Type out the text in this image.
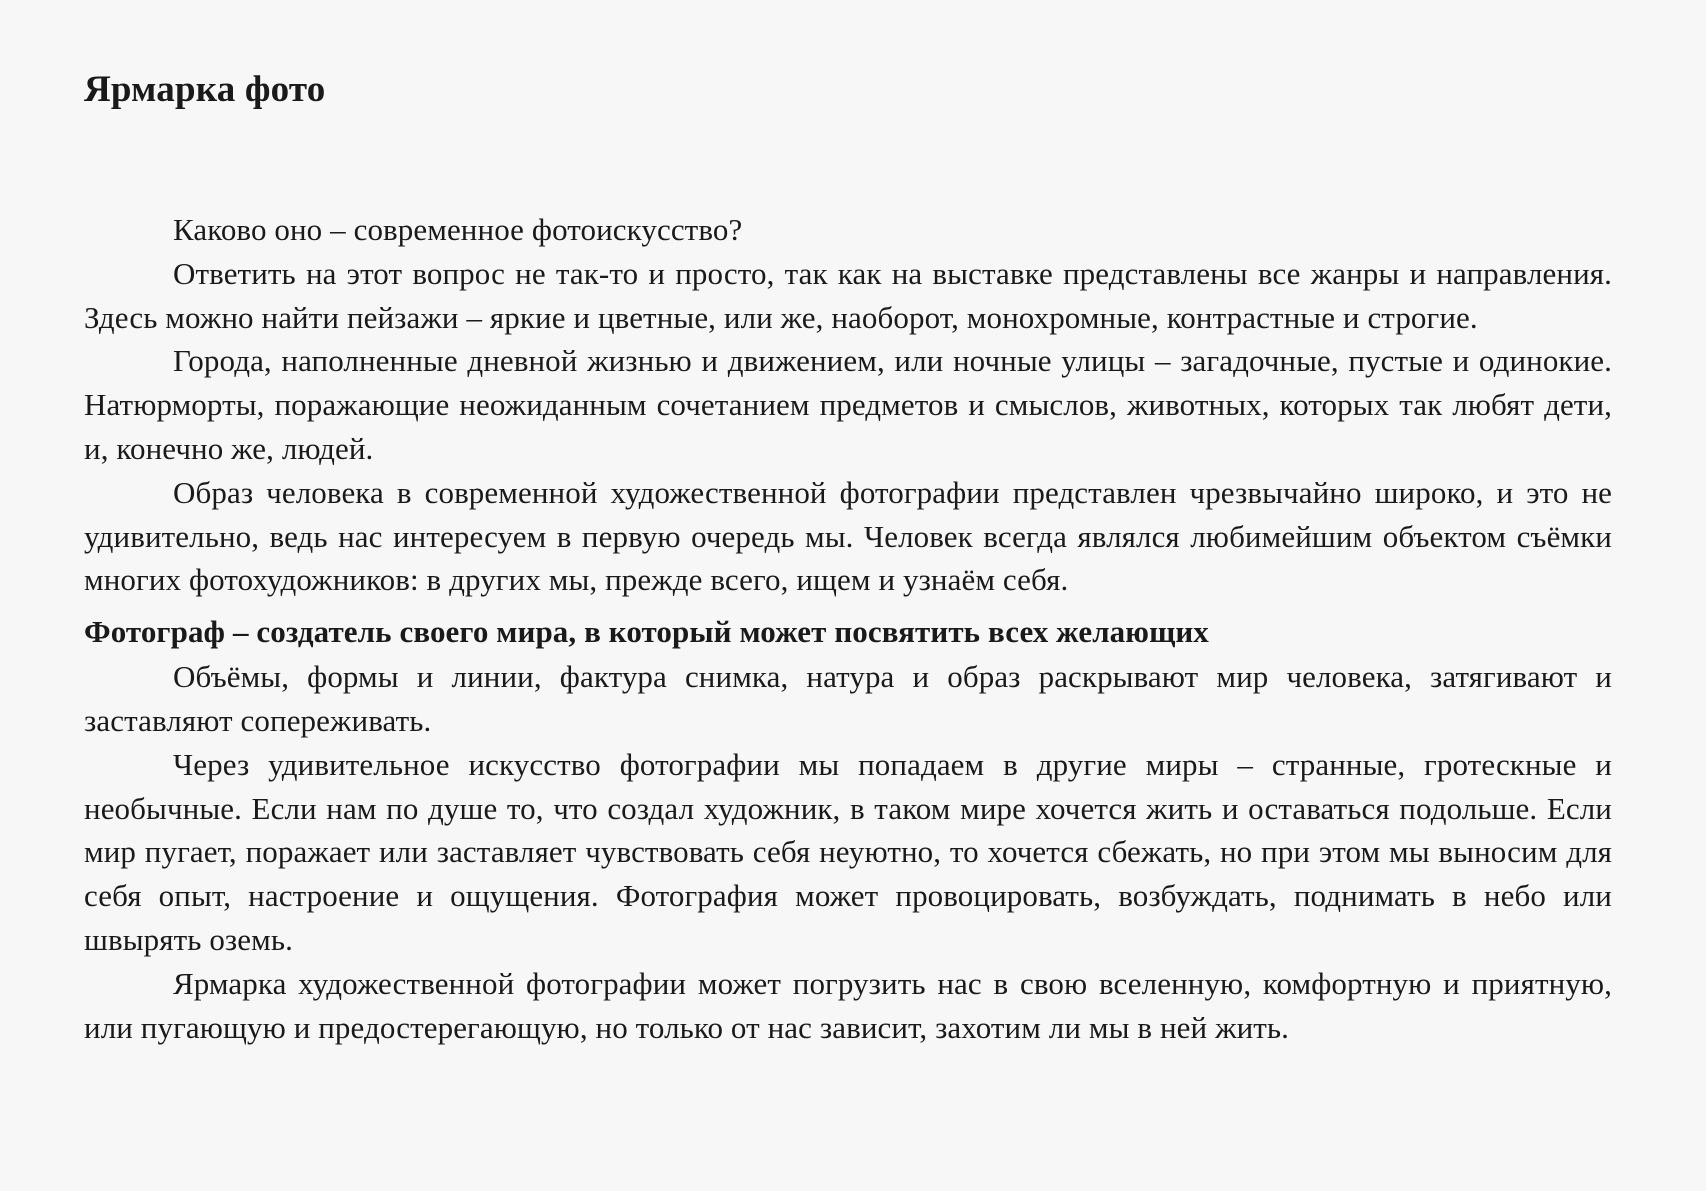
Ярмарка фото

Каково оно – современное фотоискусство?

Ответить на этот вопрос не так-то и просто, так как на выставке представлены все жанры и направления. Здесь можно найти пейзажи – яркие и цветные, или же, наоборот, монохромные, контрастные и строгие.

Города, наполненные дневной жизнью и движением, или ночные улицы – загадочные, пустые и одинокие. Натюрморты, поражающие неожиданным сочетанием предметов и смыслов, животных, которых так любят дети, и, конечно же, людей.

Образ человека в современной художественной фотографии представлен чрезвычайно широко, и это не удивительно, ведь нас интересуем в первую очередь мы. Человек всегда являлся любимейшим объектом съёмки многих фотохудожников: в других мы, прежде всего, ищем и узнаём себя.

Фотограф – создатель своего мира, в который может посвятить всех желающих

Объёмы, формы и линии, фактура снимка, натура и образ раскрывают мир человека, затягивают и заставляют сопереживать.

Через удивительное искусство фотографии мы попадаем в другие миры – странные, гротескные и необычные. Если нам по душе то, что создал художник, в таком мире хочется жить и оставаться подольше. Если мир пугает, поражает или заставляет чувствовать себя неуютно, то хочется сбежать, но при этом мы выносим для себя опыт, настроение и ощущения. Фотография может провоцировать, возбуждать, поднимать в небо или швырять оземь.

Ярмарка художественной фотографии может погрузить нас в свою вселенную, комфортную и приятную, или пугающую и предостерегающую, но только от нас зависит, захотим ли мы в ней жить.
